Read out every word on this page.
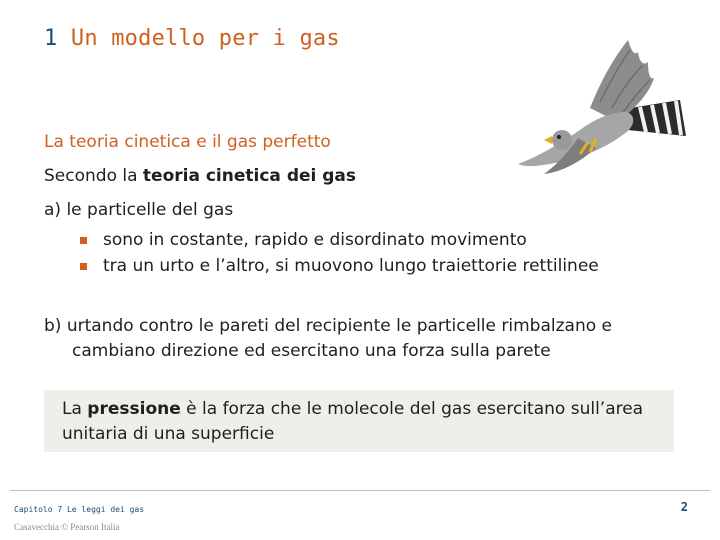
1 Un modello per i gas
La teoria cinetica e il gas perfetto
Secondo la teoria cinetica dei gas
a) le particelle del gas
sono in costante, rapido e disordinato movimento
tra un urto e l’altro, si muovono lungo traiettorie rettilinee
b) urtando contro le pareti del recipiente le particelle rimbalzano e cambiano direzione ed esercitano una forza sulla parete
La pressione è la forza che le molecole del gas esercitano sull’area unitaria di una superficie
Capitolo 7 Le leggi dei gas
Casavecchia © Pearson Italia
2
